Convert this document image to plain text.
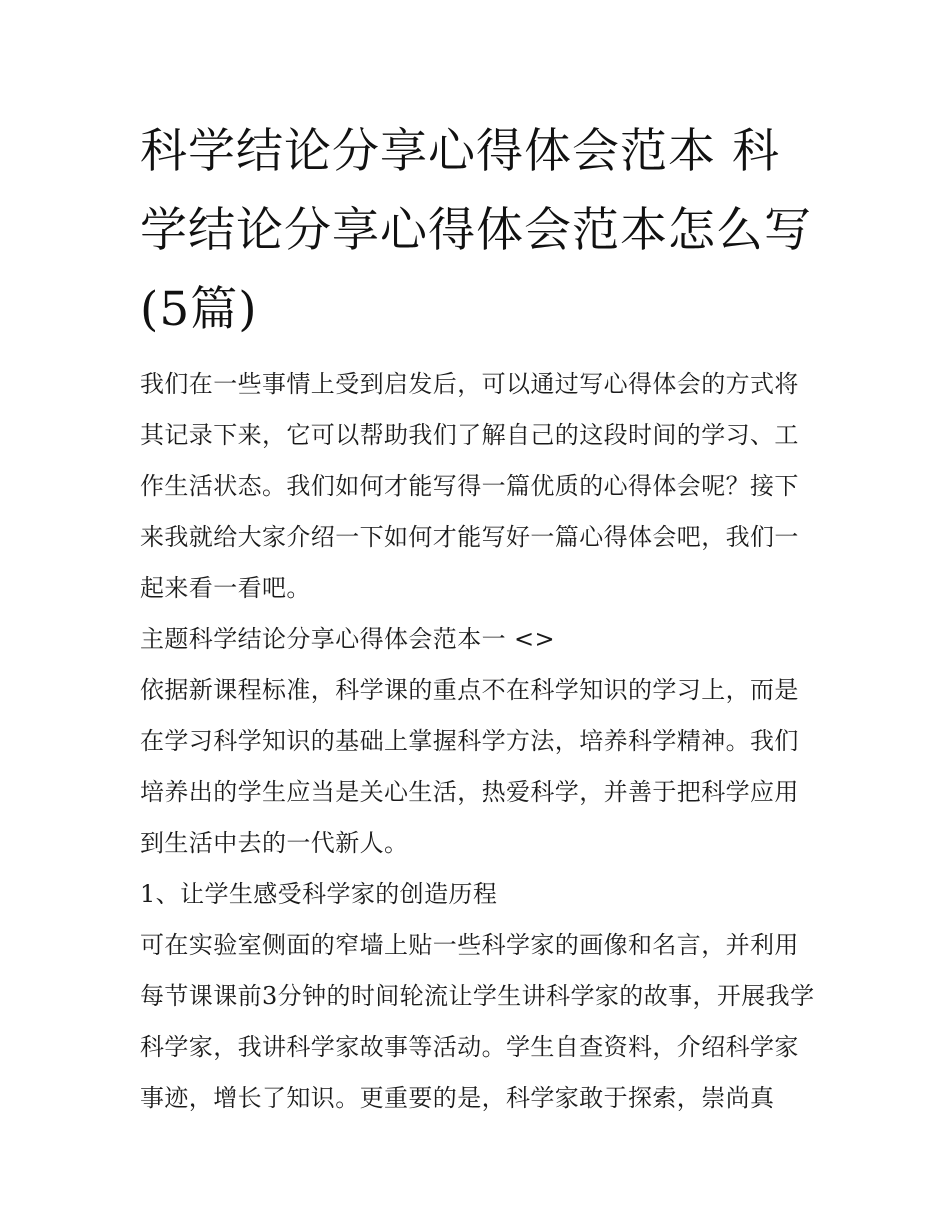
科学结论分享心得体会范本 科学结论分享心得体会范本怎么写(5篇)

我们在一些事情上受到启发后，可以通过写心得体会的方式将其记录下来，它可以帮助我们了解自己的这段时间的学习、工作生活状态。我们如何才能写得一篇优质的心得体会呢？接下来我就给大家介绍一下如何才能写好一篇心得体会吧，我们一起来看一看吧。

主题科学结论分享心得体会范本一 <>

依据新课程标准，科学课的重点不在科学知识的学习上，而是在学习科学知识的基础上掌握科学方法，培养科学精神。我们培养出的学生应当是关心生活，热爱科学，并善于把科学应用到生活中去的一代新人。

1、让学生感受科学家的创造历程

可在实验室侧面的窄墙上贴一些科学家的画像和名言，并利用每节课课前3分钟的时间轮流让学生讲科学家的故事，开展我学科学家，我讲科学家故事等活动。学生自查资料，介绍科学家事迹，增长了知识。更重要的是，科学家敢于探索，崇尚真
